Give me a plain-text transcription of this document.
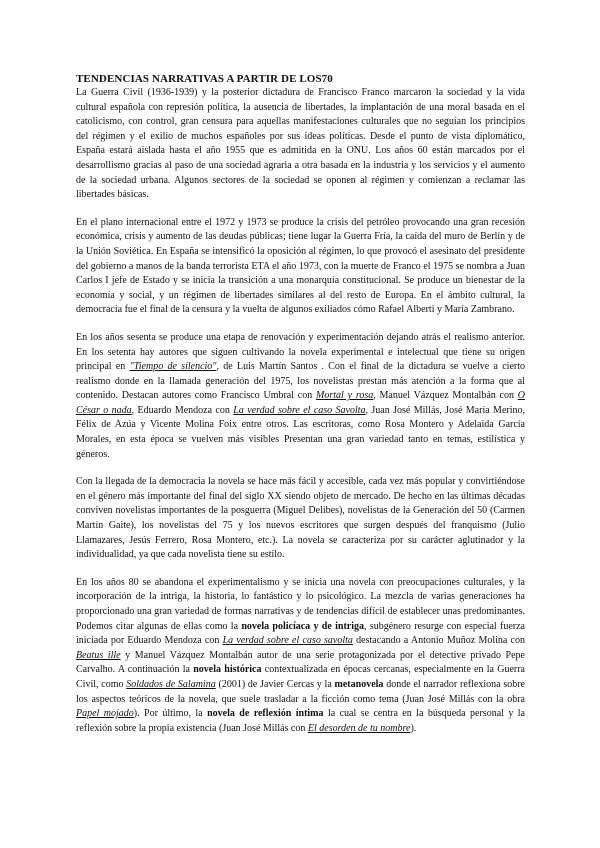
TENDENCIAS NARRATIVAS A PARTIR DE LOS70

La Guerra Civil (1936-1939) y la posterior dictadura de Francisco Franco marcaron la sociedad y la vida cultural española con represión política, la ausencia de libertades, la implantación de una moral basada en el catolicismo, con control, gran censura para aquellas manifestaciones culturales que no seguían los principios del régimen y el exilio de muchos españoles por sus ideas políticas. Desde el punto de vista diplomático, España estará aislada hasta el año 1955 que es admitida en la ONU. Los años 60 están marcados por el desarrollismo gracias al paso de una sociedad agraria a otra basada en la industria y los servicios y el aumento de la sociedad urbana. Algunos sectores de la sociedad se oponen al régimen y comienzan a reclamar las libertades básicas.

En el plano internacional entre el 1972 y 1973 se produce la crisis del petróleo provocando una gran recesión económica, crisis y aumento de las deudas públicas; tiene lugar la Guerra Fría, la caída del muro de Berlín y de la Unión Soviética. En España se intensificó la oposición al régimen, lo que provocó el asesinato del presidente del gobierno a manos de la banda terrorista ETA el año 1973, con la muerte de Franco el 1975 se nombra a Juan Carlos I jefe de Estado y se inicia la transición a una monarquía constitucional. Se produce un bienestar de la economía y social, y un régimen de libertades similares al del resto de Europa. En el ámbito cultural, la democracia fue el final de la censura y la vuelta de algunos exiliados cómo Rafael Alberti y María Zambrano.

En los años sesenta se produce una etapa de renovación y experimentación dejando atrás el realismo anterior. En los setenta hay autores que siguen cultivando la novela experimental e intelectual que tiene su origen principal en "Tiempo de silencio", de Luis Martín Santos . Con el final de la dictadura se vuelve a cierto realismo donde en la llamada generación del 1975, los novelistas prestan más atención a la forma que al contenido. Destacan autores como Francisco Umbral con Mortal y rosa, Manuel Vázquez Montalbán con O César o nada, Eduardo Mendoza con La verdad sobre el caso Savolta, Juan José Millás, José María Merino, Félix de Azúa y Vicente Molina Foix entre otros. Las escritoras, como Rosa Montero y Adelaida García Morales, en esta época se vuelven más visibles Presentan una gran variedad tanto en temas, estilística y géneros.

Con la llegada de la democracia la novela se hace más fácil y accesible, cada vez más popular y convirtiéndose en el género más importante del final del siglo XX siendo objeto de mercado. De hecho en las últimas décadas conviven novelistas importantes de la posguerra (Miguel Delibes), novelistas de la Generación del 50 (Carmen Martín Gaite), los novelistas del 75 y los nuevos escritores que surgen después del franquismo (Julio Llamazares, Jesús Ferrero, Rosa Montero, etc.). La novela se caracteriza por su carácter aglutinador y la individualidad, ya que cada novelista tiene su estilo.

En los años 80 se abandona el experimentalismo y se inicia una novela con preocupaciones culturales, y la incorporación de la intriga, la historia, lo fantástico y lo psicológico. La mezcla de varias generaciones ha proporcionado una gran variedad de formas narrativas y de tendencias difícil de establecer unas predominantes. Podemos citar algunas de ellas como la novela policíaca y de intriga, subgénero resurge con especial fuerza iniciada por Eduardo Mendoza con La verdad sobre el caso savolta destacando a Antonio Muñoz Molina con Beatus ille y Manuel Vázquez Montalbán autor de una serie protagonizada por el detective privado Pepe Carvalho. A continuación la novela histórica contextualizada en épocas cercanas, especialmente en la Guerra Civil, como Soldados de Salamina (2001) de Javier Cercas y la metanovela donde el narrador reflexiona sobre los aspectos teóricos de la novela, que suele trasladar a la ficción como tema (Juan José Millás con la obra Papel mojado). Por último, la novela de reflexión íntima la cual se centra en la búsqueda personal y la reflexión sobre la propia existencia (Juan José Millás con El desorden de tu nombre).
